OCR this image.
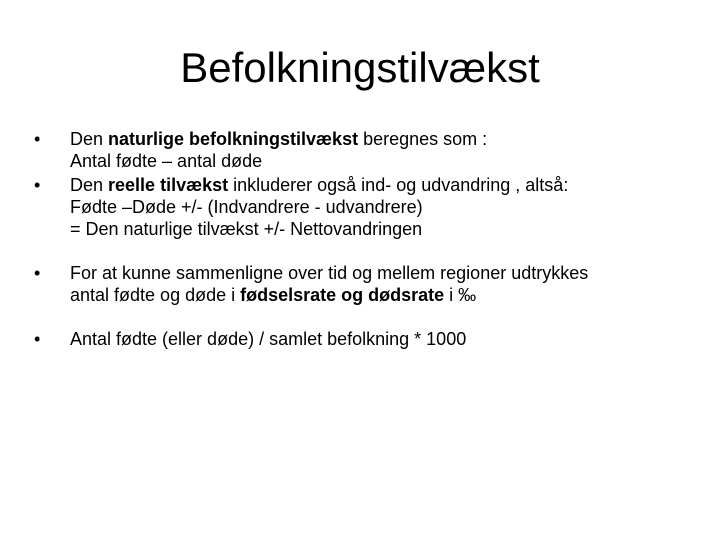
Befolkningstilvækst
•	Den naturlige befolkningstilvækst beregnes som :
Antal fødte – antal døde
•	Den reelle tilvækst inkluderer også ind- og udvandring , altså:
Fødte –Døde +/- (Indvandrere - udvandrere)
= Den naturlige tilvækst +/- Nettovandringen
•	For at kunne sammenligne over tid og mellem regioner udtrykkes
antal fødte og døde i fødselsrate og dødsrate i ‰
•	Antal fødte (eller døde) / samlet befolkning * 1000
